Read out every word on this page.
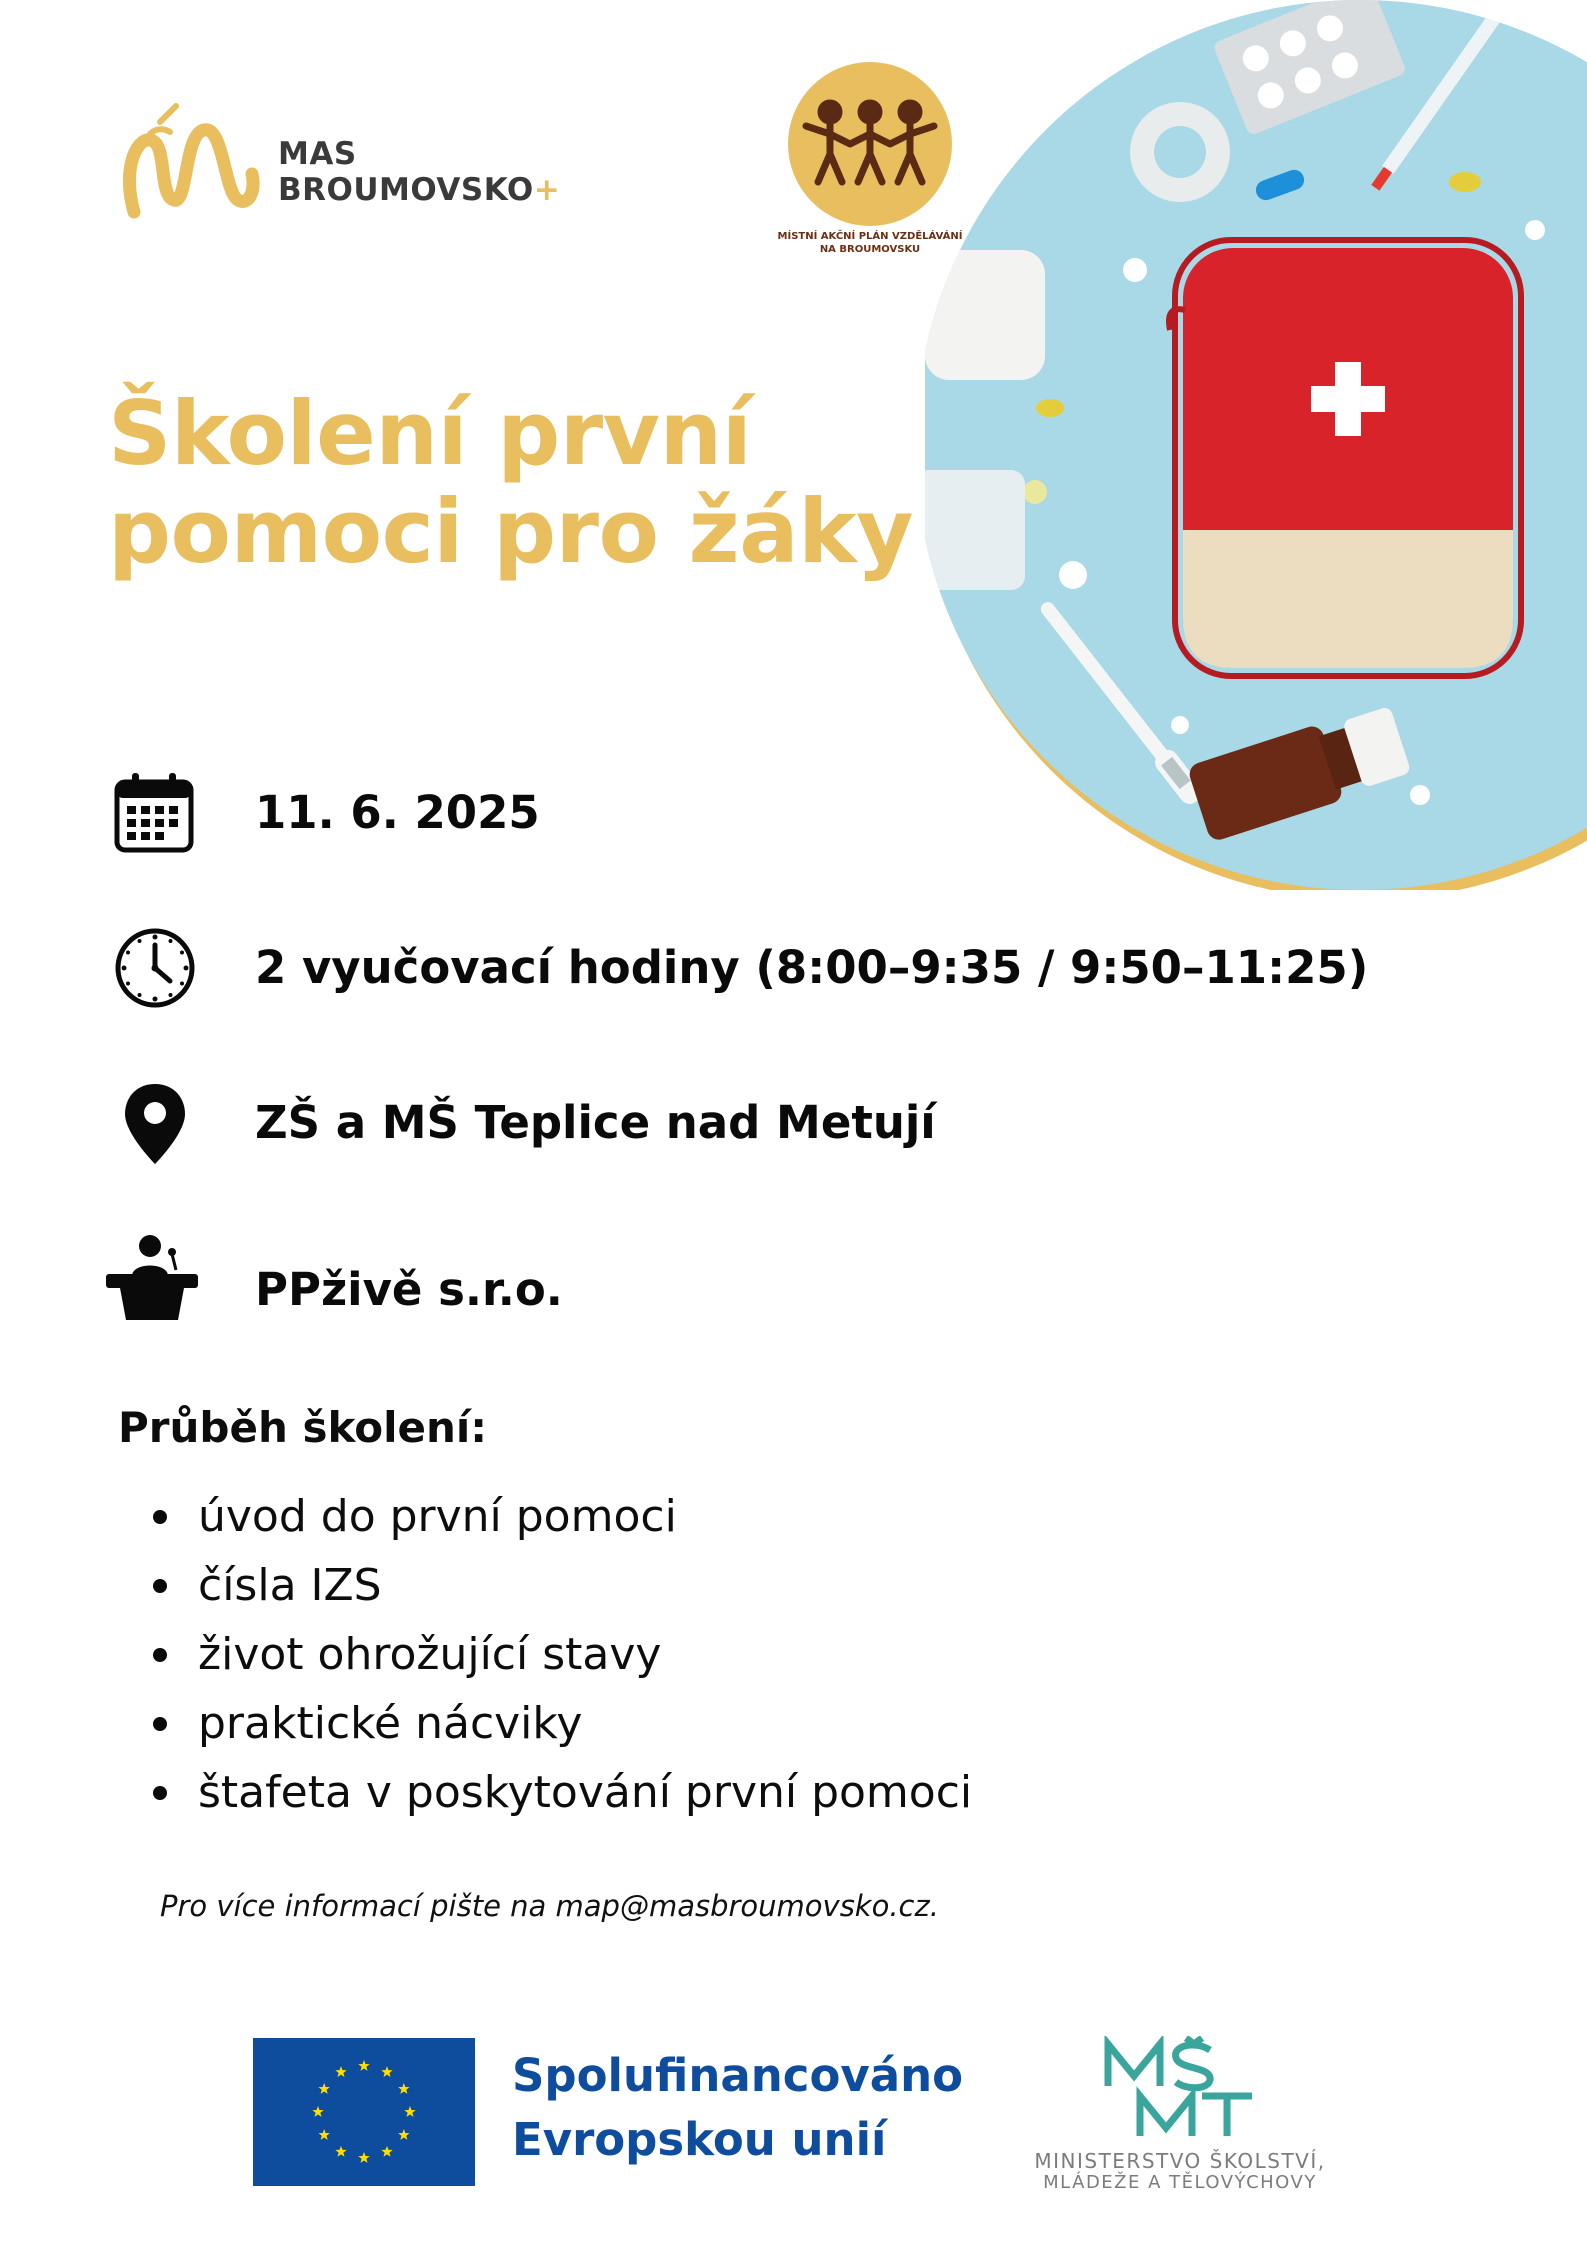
MAS
BROUMOVSKO+
MÍSTNÍ AKČNÍ PLÁN VZDĚLÁVÁNÍ
NA BROUMOVSKU
Školení první
pomoci pro žáky
11. 6. 2025
2 vyučovací hodiny (8:00–9:35 / 9:50–11:25)
ZŠ a MŠ Teplice nad Metují
PPživě s.r.o.
Průběh školení:
úvod do první pomoci
čísla IZS
život ohrožující stavy
praktické nácviky
štafeta v poskytování první pomoci
Pro více informací pište na map@masbroumovsko.cz.
Spolufinancováno
Evropskou unií	MINISTERSTVO ŠKOLSTVÍ,
MLÁDEŽE A TĚLOVÝCHOVY
